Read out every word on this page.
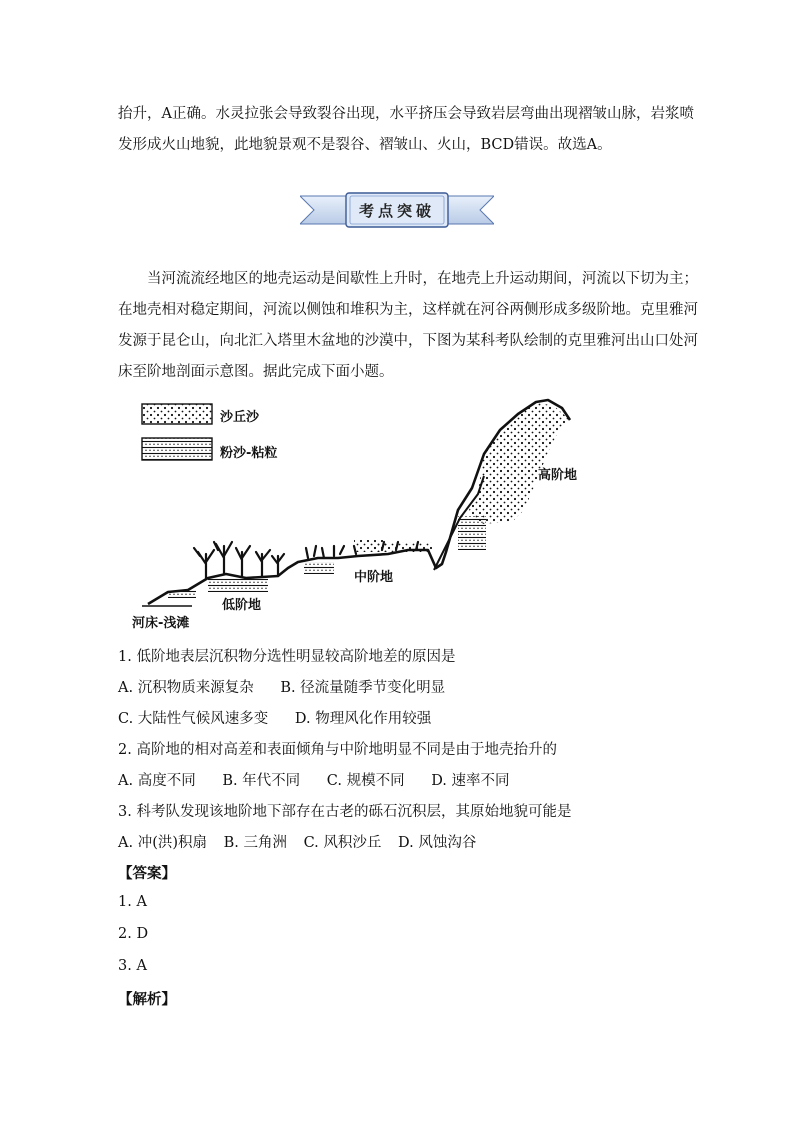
抬升，A正确。水灵拉张会导致裂谷出现，水平挤压会导致岩层弯曲出现褶皱山脉，岩浆喷
发形成火山地貌，此地貌景观不是裂谷、褶皱山、火山，BCD错误。故选A。
考点突破

当河流流经地区的地壳运动是间歇性上升时，在地壳上升运动期间，河流以下切为主；

在地壳相对稳定期间，河流以侧蚀和堆积为主，这样就在河谷两侧形成多级阶地。克里雅河

发源于昆仑山，向北汇入塔里木盆地的沙漠中，下图为某科考队绘制的克里雅河出山口处河

床至阶地剖面示意图。据此完成下面小题。

沙丘沙
粉沙-粘粒
高阶地
中阶地
低阶地
河床-浅滩
1. 低阶地表层沉积物分选性明显较高阶地差的原因是
A. 沉积物质来源复杂 B. 径流量随季节变化明显
C. 大陆性气候风速多变 D. 物理风化作用较强
2. 高阶地的相对高差和表面倾角与中阶地明显不同是由于地壳抬升的
A. 高度不同 B. 年代不同 C. 规模不同 D. 速率不同
3. 科考队发现该地阶地下部存在古老的砾石沉积层，其原始地貌可能是
A. 冲(洪)积扇 B. 三角洲 C. 风积沙丘 D. 风蚀沟谷
【答案】
1. A
2. D
3. A
【解析】
